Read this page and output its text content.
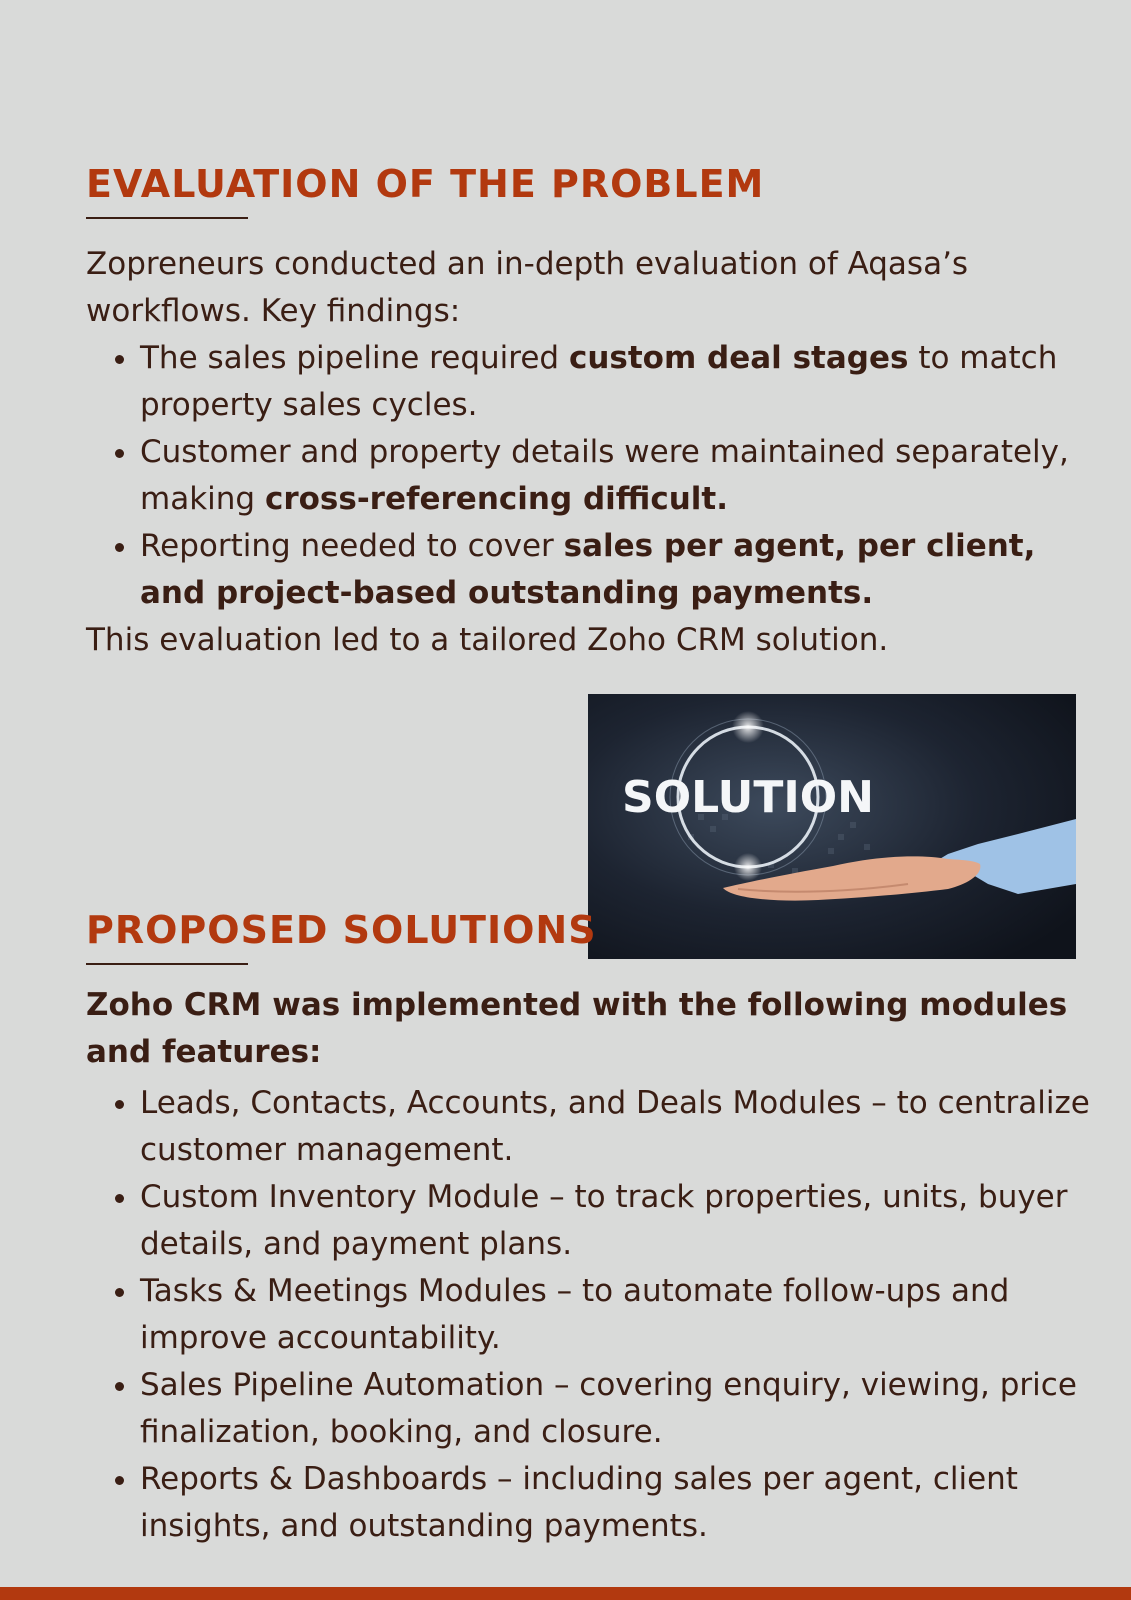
EVALUATION OF THE PROBLEM

Zopreneurs conducted an in-depth evaluation of Aqasa’s workflows. Key findings:

• The sales pipeline required custom deal stages to match property sales cycles.
• Customer and property details were maintained separately, making cross-referencing difficult.
• Reporting needed to cover sales per agent, per client, and project-based outstanding payments.

This evaluation led to a tailored Zoho CRM solution.

SOLUTION
PROPOSED SOLUTIONS

Zoho CRM was implemented with the following modules and features:

• Leads, Contacts, Accounts, and Deals Modules – to centralize customer management.
• Custom Inventory Module – to track properties, units, buyer details, and payment plans.
• Tasks & Meetings Modules – to automate follow-ups and improve accountability.
• Sales Pipeline Automation – covering enquiry, viewing, price finalization, booking, and closure.
• Reports & Dashboards – including sales per agent, client insights, and outstanding payments.
